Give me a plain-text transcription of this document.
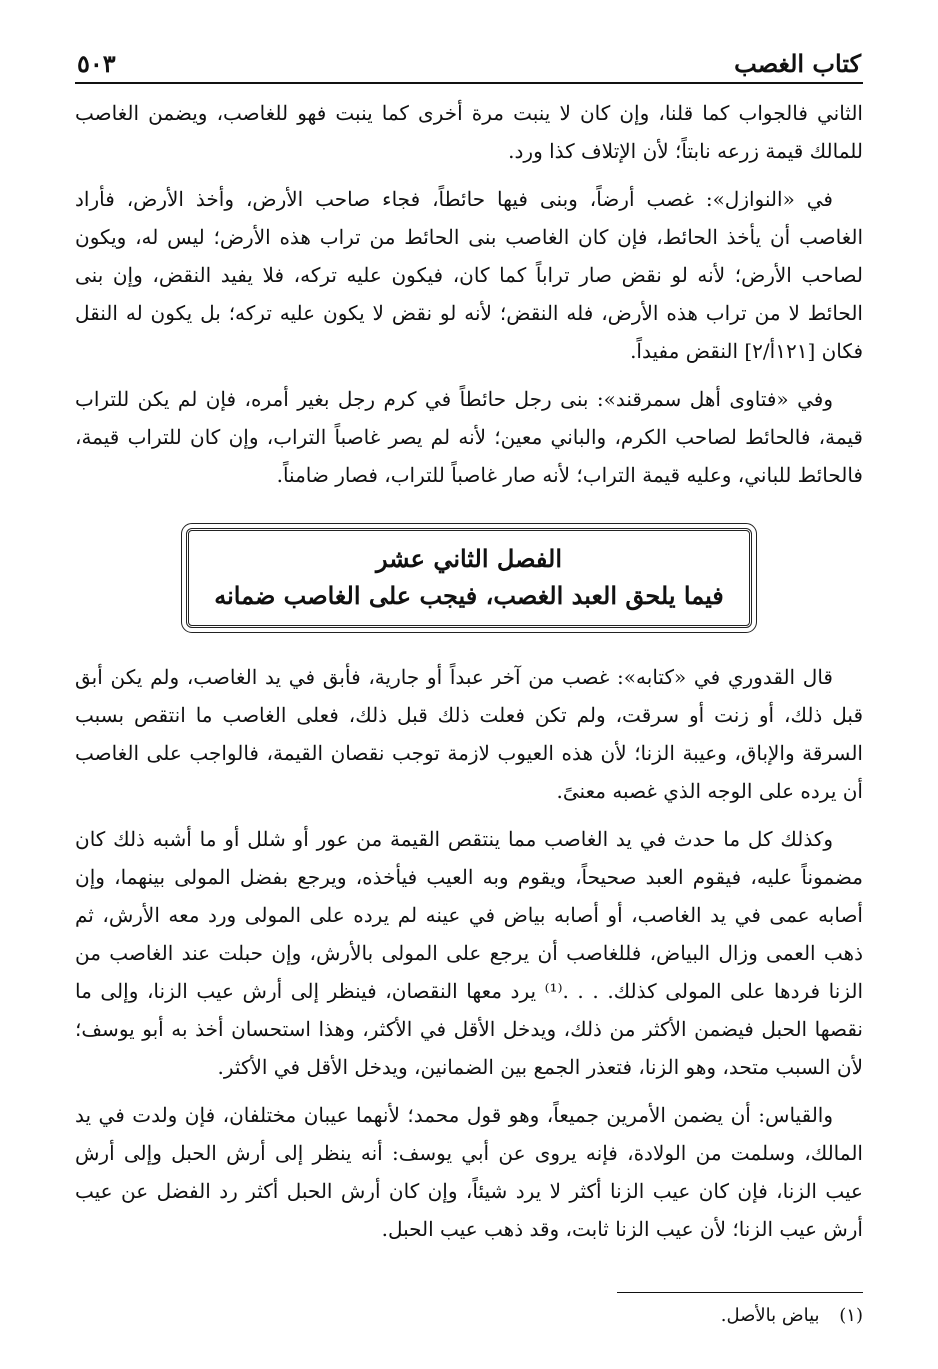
كتاب الغصب
٥٠٣

الثاني فالجواب كما قلنا، وإن كان لا ينبت مرة أخرى كما ينبت فهو للغاصب، ويضمن الغاصب للمالك قيمة زرعه نابتاً؛ لأن الإتلاف كذا ورد.

في «النوازل»: غصب أرضاً، وبنى فيها حائطاً، فجاء صاحب الأرض، وأخذ الأرض، فأراد الغاصب أن يأخذ الحائط، فإن كان الغاصب بنى الحائط من تراب هذه الأرض؛ ليس له، ويكون لصاحب الأرض؛ لأنه لو نقض صار تراباً كما كان، فيكون عليه تركه، فلا يفيد النقض، وإن بنى الحائط لا من تراب هذه الأرض، فله النقض؛ لأنه لو نقض لا يكون عليه تركه؛ بل يكون له النقل فكان [١٢١أ/٢] النقض مفيداً.

وفي «فتاوى أهل سمرقند»: بنى رجل حائطاً في كرم رجل بغير أمره، فإن لم يكن للتراب قيمة، فالحائط لصاحب الكرم، والباني معين؛ لأنه لم يصر غاصباً التراب، وإن كان للتراب قيمة، فالحائط للباني، وعليه قيمة التراب؛ لأنه صار غاصباً للتراب، فصار ضامناً.

الفصل الثاني عشر
فيما يلحق العبد الغصب، فيجب على الغاصب ضمانه

قال القدوري في «كتابه»: غصب من آخر عبداً أو جارية، فأبق في يد الغاصب، ولم يكن أبق قبل ذلك، أو زنت أو سرقت، ولم تكن فعلت ذلك قبل ذلك، فعلى الغاصب ما انتقص بسبب السرقة والإباق، وعيبة الزنا؛ لأن هذه العيوب لازمة توجب نقصان القيمة، فالواجب على الغاصب أن يرده على الوجه الذي غصبه معنىً.

وكذلك كل ما حدث في يد الغاصب مما ينتقص القيمة من عور أو شلل أو ما أشبه ذلك كان مضموناً عليه، فيقوم العبد صحيحاً، ويقوم وبه العيب فيأخذه، ويرجع بفضل المولى بينهما، وإن أصابه عمى في يد الغاصب، أو أصابه بياض في عينه لم يرده على المولى ورد معه الأرش، ثم ذهب العمى وزال البياض، فللغاصب أن يرجع على المولى بالأرش، وإن حبلت عند الغاصب من الزنا فردها على المولى كذلك. . . .⁽¹⁾ يرد معها النقصان، فينظر إلى أرش عيب الزنا، وإلى ما نقصها الحبل فيضمن الأكثر من ذلك، ويدخل الأقل في الأكثر، وهذا استحسان أخذ به أبو يوسف؛ لأن السبب متحد، وهو الزنا، فتعذر الجمع بين الضمانين، ويدخل الأقل في الأكثر.

والقياس: أن يضمن الأمرين جميعاً، وهو قول محمد؛ لأنهما عيبان مختلفان، فإن ولدت في يد المالك، وسلمت من الولادة، فإنه يروى عن أبي يوسف: أنه ينظر إلى أرش الحبل وإلى أرش عيب الزنا، فإن كان عيب الزنا أكثر لا يرد شيئاً، وإن كان أرش الحبل أكثر رد الفضل عن عيب أرش عيب الزنا؛ لأن عيب الزنا ثابت، وقد ذهب عيب الحبل.

(١) بياض بالأصل.
